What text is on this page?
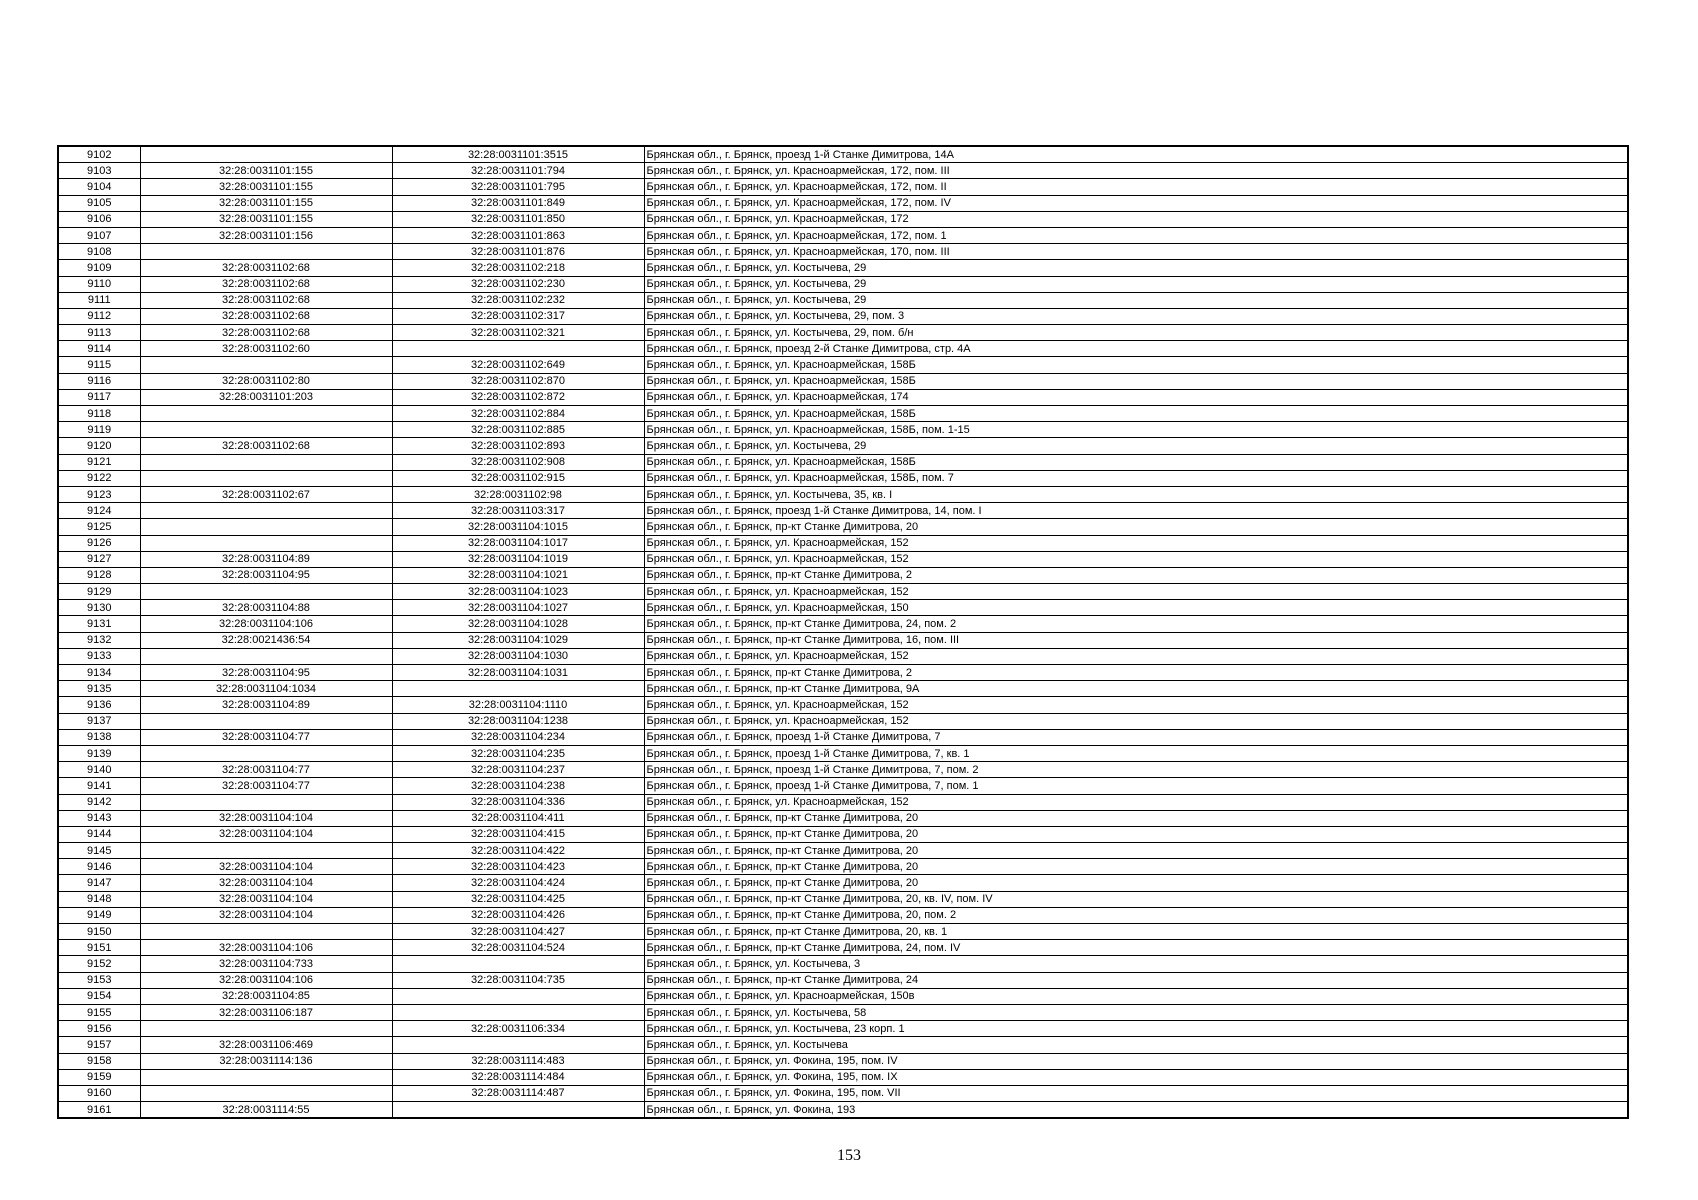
9102		32:28:0031101:3515	Брянская обл., г. Брянск, проезд 1-й Станке Димитрова, 14А
9103	32:28:0031101:155	32:28:0031101:794	Брянская обл., г. Брянск, ул. Красноармейская, 172, пом. III
9104	32:28:0031101:155	32:28:0031101:795	Брянская обл., г. Брянск, ул. Красноармейская, 172, пом. II
9105	32:28:0031101:155	32:28:0031101:849	Брянская обл., г. Брянск, ул. Красноармейская, 172, пом. IV
9106	32:28:0031101:155	32:28:0031101:850	Брянская обл., г. Брянск, ул. Красноармейская, 172
9107	32:28:0031101:156	32:28:0031101:863	Брянская обл., г. Брянск, ул. Красноармейская, 172, пом. 1
9108		32:28:0031101:876	Брянская обл., г. Брянск, ул. Красноармейская, 170, пом. III
9109	32:28:0031102:68	32:28:0031102:218	Брянская обл., г. Брянск, ул. Костычева, 29
9110	32:28:0031102:68	32:28:0031102:230	Брянская обл., г. Брянск, ул. Костычева, 29
9111	32:28:0031102:68	32:28:0031102:232	Брянская обл., г. Брянск, ул. Костычева, 29
9112	32:28:0031102:68	32:28:0031102:317	Брянская обл., г. Брянск, ул. Костычева, 29, пом. 3
9113	32:28:0031102:68	32:28:0031102:321	Брянская обл., г. Брянск, ул. Костычева, 29, пом. б/н
9114	32:28:0031102:60		Брянская обл., г. Брянск, проезд 2-й Станке Димитрова, стр. 4А
9115		32:28:0031102:649	Брянская обл., г. Брянск, ул. Красноармейская, 158Б
9116	32:28:0031102:80	32:28:0031102:870	Брянская обл., г. Брянск, ул. Красноармейская, 158Б
9117	32:28:0031101:203	32:28:0031102:872	Брянская обл., г. Брянск, ул. Красноармейская, 174
9118		32:28:0031102:884	Брянская обл., г. Брянск, ул. Красноармейская, 158Б
9119		32:28:0031102:885	Брянская обл., г. Брянск, ул. Красноармейская, 158Б, пом. 1-15
9120	32:28:0031102:68	32:28:0031102:893	Брянская обл., г. Брянск, ул. Костычева, 29
9121		32:28:0031102:908	Брянская обл., г. Брянск, ул. Красноармейская, 158Б
9122		32:28:0031102:915	Брянская обл., г. Брянск, ул. Красноармейская, 158Б, пом. 7
9123	32:28:0031102:67	32:28:0031102:98	Брянская обл., г. Брянск, ул. Костычева, 35, кв. I
9124		32:28:0031103:317	Брянская обл., г. Брянск, проезд 1-й Станке Димитрова, 14, пом. I
9125		32:28:0031104:1015	Брянская обл., г. Брянск, пр-кт Станке Димитрова, 20
9126		32:28:0031104:1017	Брянская обл., г. Брянск, ул. Красноармейская, 152
9127	32:28:0031104:89	32:28:0031104:1019	Брянская обл., г. Брянск, ул. Красноармейская, 152
9128	32:28:0031104:95	32:28:0031104:1021	Брянская обл., г. Брянск, пр-кт Станке Димитрова, 2
9129		32:28:0031104:1023	Брянская обл., г. Брянск, ул. Красноармейская, 152
9130	32:28:0031104:88	32:28:0031104:1027	Брянская обл., г. Брянск, ул. Красноармейская, 150
9131	32:28:0031104:106	32:28:0031104:1028	Брянская обл., г. Брянск, пр-кт Станке Димитрова, 24, пом. 2
9132	32:28:0021436:54	32:28:0031104:1029	Брянская обл., г. Брянск, пр-кт Станке Димитрова, 16, пом. III
9133		32:28:0031104:1030	Брянская обл., г. Брянск, ул. Красноармейская, 152
9134	32:28:0031104:95	32:28:0031104:1031	Брянская обл., г. Брянск, пр-кт Станке Димитрова, 2
9135	32:28:0031104:1034		Брянская обл., г. Брянск, пр-кт Станке Димитрова, 9А
9136	32:28:0031104:89	32:28:0031104:1110	Брянская обл., г. Брянск, ул. Красноармейская, 152
9137		32:28:0031104:1238	Брянская обл., г. Брянск, ул. Красноармейская, 152
9138	32:28:0031104:77	32:28:0031104:234	Брянская обл., г. Брянск, проезд 1-й Станке Димитрова, 7
9139		32:28:0031104:235	Брянская обл., г. Брянск, проезд 1-й Станке Димитрова, 7, кв. 1
9140	32:28:0031104:77	32:28:0031104:237	Брянская обл., г. Брянск, проезд 1-й Станке Димитрова, 7, пом. 2
9141	32:28:0031104:77	32:28:0031104:238	Брянская обл., г. Брянск, проезд 1-й Станке Димитрова, 7, пом. 1
9142		32:28:0031104:336	Брянская обл., г. Брянск, ул. Красноармейская, 152
9143	32:28:0031104:104	32:28:0031104:411	Брянская обл., г. Брянск, пр-кт Станке Димитрова, 20
9144	32:28:0031104:104	32:28:0031104:415	Брянская обл., г. Брянск, пр-кт Станке Димитрова, 20
9145		32:28:0031104:422	Брянская обл., г. Брянск, пр-кт Станке Димитрова, 20
9146	32:28:0031104:104	32:28:0031104:423	Брянская обл., г. Брянск, пр-кт Станке Димитрова, 20
9147	32:28:0031104:104	32:28:0031104:424	Брянская обл., г. Брянск, пр-кт Станке Димитрова, 20
9148	32:28:0031104:104	32:28:0031104:425	Брянская обл., г. Брянск, пр-кт Станке Димитрова, 20, кв. IV, пом. IV
9149	32:28:0031104:104	32:28:0031104:426	Брянская обл., г. Брянск, пр-кт Станке Димитрова, 20, пом. 2
9150		32:28:0031104:427	Брянская обл., г. Брянск, пр-кт Станке Димитрова, 20, кв. 1
9151	32:28:0031104:106	32:28:0031104:524	Брянская обл., г. Брянск, пр-кт Станке Димитрова, 24, пом. IV
9152	32:28:0031104:733		Брянская обл., г. Брянск, ул. Костычева, 3
9153	32:28:0031104:106	32:28:0031104:735	Брянская обл., г. Брянск, пр-кт Станке Димитрова, 24
9154	32:28:0031104:85		Брянская обл., г. Брянск, ул. Красноармейская, 150в
9155	32:28:0031106:187		Брянская обл., г. Брянск, ул. Костычева, 58
9156		32:28:0031106:334	Брянская обл., г. Брянск, ул. Костычева, 23 корп. 1
9157	32:28:0031106:469		Брянская обл., г. Брянск, ул. Костычева
9158	32:28:0031114:136	32:28:0031114:483	Брянская обл., г. Брянск, ул. Фокина, 195, пом. IV
9159		32:28:0031114:484	Брянская обл., г. Брянск, ул. Фокина, 195, пом. IX
9160		32:28:0031114:487	Брянская обл., г. Брянск, ул. Фокина, 195, пом. VII
9161	32:28:0031114:55		Брянская обл., г. Брянск, ул. Фокина, 193
153
